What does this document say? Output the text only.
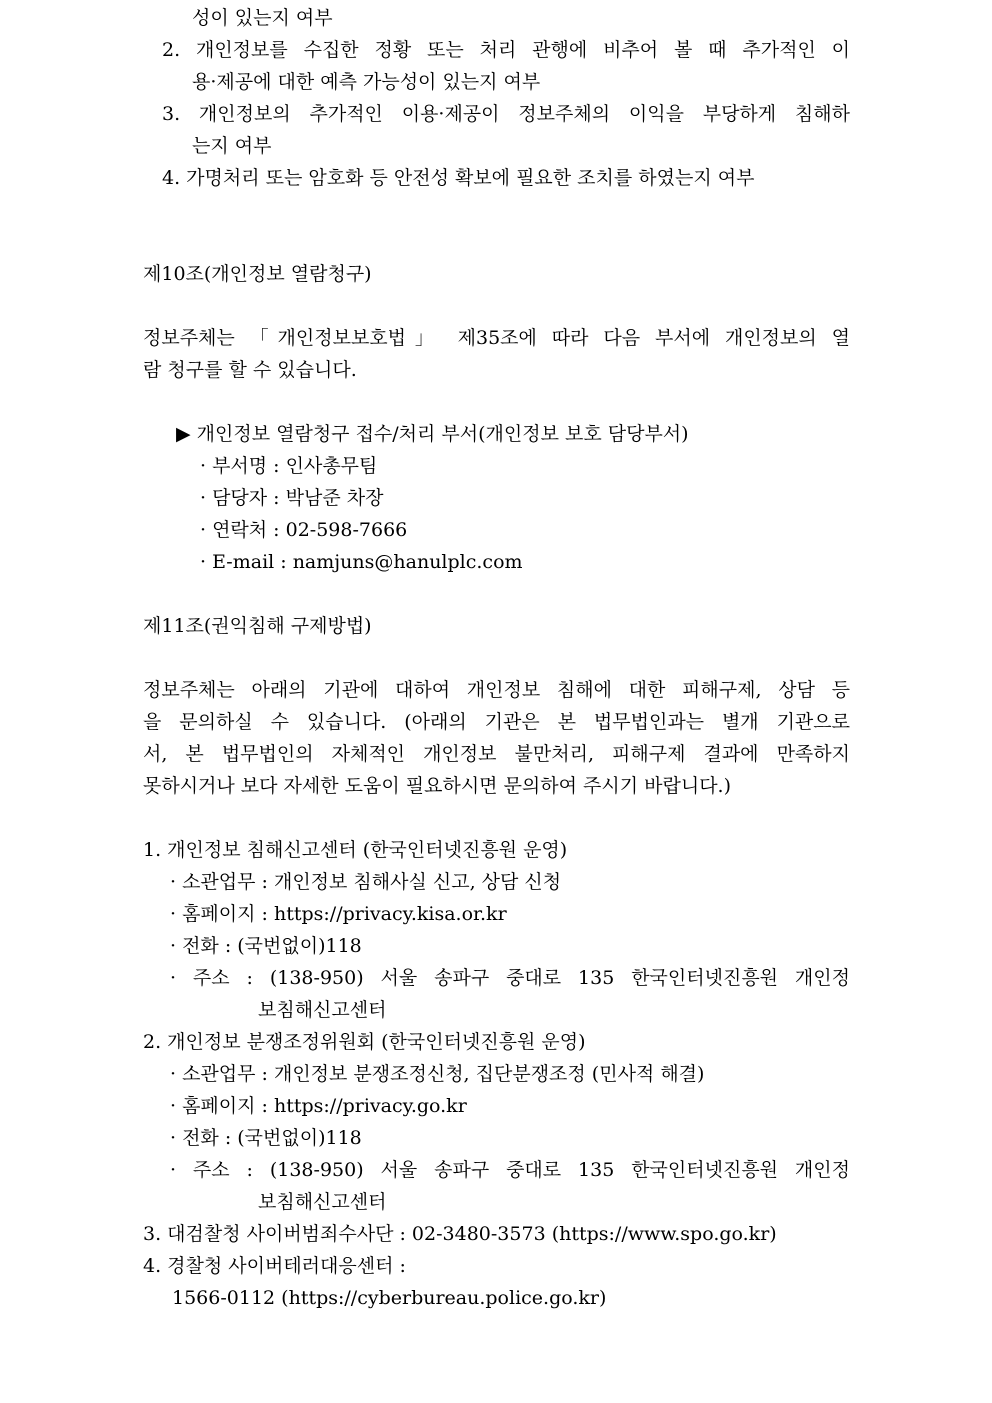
성이 있는지 여부
2. 개인정보를 수집한 정황 또는 처리 관행에 비추어 볼 때 추가적인 이
용·제공에 대한 예측 가능성이 있는지 여부
3. 개인정보의 추가적인 이용·제공이 정보주체의 이익을 부당하게 침해하
는지 여부
4. 가명처리 또는 암호화 등 안전성 확보에 필요한 조치를 하였는지 여부
제10조(개인정보 열람청구)
정보주체는 「개인정보보호법」 제35조에 따라 다음 부서에 개인정보의 열
람 청구를 할 수 있습니다.
▶ 개인정보 열람청구 접수/처리 부서(개인정보 보호 담당부서)
· 부서명 : 인사총무팀
· 담당자 : 박남준 차장
· 연락처 : 02-598-7666
· E-mail : namjuns@hanulplc.com
제11조(권익침해 구제방법)
정보주체는 아래의 기관에 대하여 개인정보 침해에 대한 피해구제, 상담 등
을 문의하실 수 있습니다. (아래의 기관은 본 법무법인과는 별개 기관으로
서, 본 법무법인의 자체적인 개인정보 불만처리, 피해구제 결과에 만족하지
못하시거나 보다 자세한 도움이 필요하시면 문의하여 주시기 바랍니다.)
1. 개인정보 침해신고센터 (한국인터넷진흥원 운영)
· 소관업무 : 개인정보 침해사실 신고, 상담 신청
· 홈페이지 : https://privacy.kisa.or.kr
· 전화 : (국번없이)118
· 주소 : (138-950) 서울 송파구 중대로 135 한국인터넷진흥원 개인정
보침해신고센터
2. 개인정보 분쟁조정위원회 (한국인터넷진흥원 운영)
· 소관업무 : 개인정보 분쟁조정신청, 집단분쟁조정 (민사적 해결)
· 홈페이지 : https://privacy.go.kr
· 전화 : (국번없이)118
· 주소 : (138-950) 서울 송파구 중대로 135 한국인터넷진흥원 개인정
보침해신고센터
3. 대검찰청 사이버범죄수사단 : 02-3480-3573 (https://www.spo.go.kr)
4. 경찰청 사이버테러대응센터 :
1566-0112 (https://cyberbureau.police.go.kr)
